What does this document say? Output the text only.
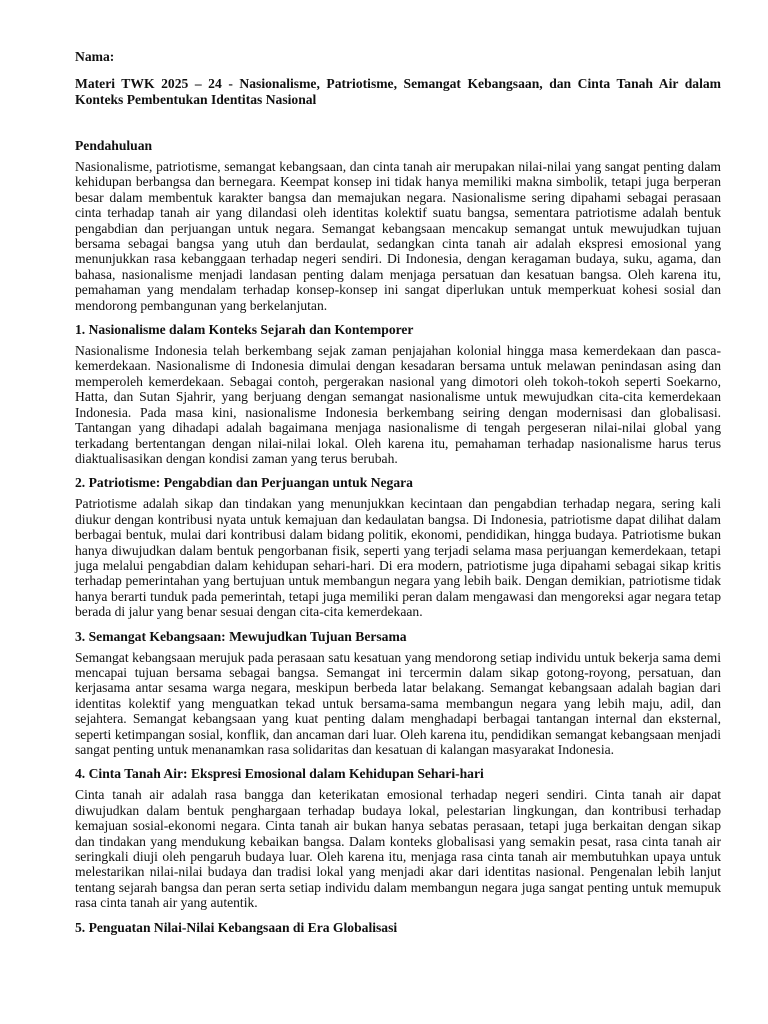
Nama:
Materi TWK 2025 – 24 - Nasionalisme, Patriotisme, Semangat Kebangsaan, dan Cinta Tanah Air dalam Konteks Pembentukan Identitas Nasional
Pendahuluan

Nasionalisme, patriotisme, semangat kebangsaan, dan cinta tanah air merupakan nilai-nilai yang sangat penting dalam kehidupan berbangsa dan bernegara. Keempat konsep ini tidak hanya memiliki makna simbolik, tetapi juga berperan besar dalam membentuk karakter bangsa dan memajukan negara. Nasionalisme sering dipahami sebagai perasaan cinta terhadap tanah air yang dilandasi oleh identitas kolektif suatu bangsa, sementara patriotisme adalah bentuk pengabdian dan perjuangan untuk negara. Semangat kebangsaan mencakup semangat untuk mewujudkan tujuan bersama sebagai bangsa yang utuh dan berdaulat, sedangkan cinta tanah air adalah ekspresi emosional yang menunjukkan rasa kebanggaan terhadap negeri sendiri. Di Indonesia, dengan keragaman budaya, suku, agama, dan bahasa, nasionalisme menjadi landasan penting dalam menjaga persatuan dan kesatuan bangsa. Oleh karena itu, pemahaman yang mendalam terhadap konsep-konsep ini sangat diperlukan untuk memperkuat kohesi sosial dan mendorong pembangunan yang berkelanjutan.

1. Nasionalisme dalam Konteks Sejarah dan Kontemporer

Nasionalisme Indonesia telah berkembang sejak zaman penjajahan kolonial hingga masa kemerdekaan dan pasca-kemerdekaan. Nasionalisme di Indonesia dimulai dengan kesadaran bersama untuk melawan penindasan asing dan memperoleh kemerdekaan. Sebagai contoh, pergerakan nasional yang dimotori oleh tokoh-tokoh seperti Soekarno, Hatta, dan Sutan Sjahrir, yang berjuang dengan semangat nasionalisme untuk mewujudkan cita-cita kemerdekaan Indonesia. Pada masa kini, nasionalisme Indonesia berkembang seiring dengan modernisasi dan globalisasi. Tantangan yang dihadapi adalah bagaimana menjaga nasionalisme di tengah pergeseran nilai-nilai global yang terkadang bertentangan dengan nilai-nilai lokal. Oleh karena itu, pemahaman terhadap nasionalisme harus terus diaktualisasikan dengan kondisi zaman yang terus berubah.

2. Patriotisme: Pengabdian dan Perjuangan untuk Negara

Patriotisme adalah sikap dan tindakan yang menunjukkan kecintaan dan pengabdian terhadap negara, sering kali diukur dengan kontribusi nyata untuk kemajuan dan kedaulatan bangsa. Di Indonesia, patriotisme dapat dilihat dalam berbagai bentuk, mulai dari kontribusi dalam bidang politik, ekonomi, pendidikan, hingga budaya. Patriotisme bukan hanya diwujudkan dalam bentuk pengorbanan fisik, seperti yang terjadi selama masa perjuangan kemerdekaan, tetapi juga melalui pengabdian dalam kehidupan sehari-hari. Di era modern, patriotisme juga dipahami sebagai sikap kritis terhadap pemerintahan yang bertujuan untuk membangun negara yang lebih baik. Dengan demikian, patriotisme tidak hanya berarti tunduk pada pemerintah, tetapi juga memiliki peran dalam mengawasi dan mengoreksi agar negara tetap berada di jalur yang benar sesuai dengan cita-cita kemerdekaan.

3. Semangat Kebangsaan: Mewujudkan Tujuan Bersama

Semangat kebangsaan merujuk pada perasaan satu kesatuan yang mendorong setiap individu untuk bekerja sama demi mencapai tujuan bersama sebagai bangsa. Semangat ini tercermin dalam sikap gotong-royong, persatuan, dan kerjasama antar sesama warga negara, meskipun berbeda latar belakang. Semangat kebangsaan adalah bagian dari identitas kolektif yang menguatkan tekad untuk bersama-sama membangun negara yang lebih maju, adil, dan sejahtera. Semangat kebangsaan yang kuat penting dalam menghadapi berbagai tantangan internal dan eksternal, seperti ketimpangan sosial, konflik, dan ancaman dari luar. Oleh karena itu, pendidikan semangat kebangsaan menjadi sangat penting untuk menanamkan rasa solidaritas dan kesatuan di kalangan masyarakat Indonesia.

4. Cinta Tanah Air: Ekspresi Emosional dalam Kehidupan Sehari-hari

Cinta tanah air adalah rasa bangga dan keterikatan emosional terhadap negeri sendiri. Cinta tanah air dapat diwujudkan dalam bentuk penghargaan terhadap budaya lokal, pelestarian lingkungan, dan kontribusi terhadap kemajuan sosial-ekonomi negara. Cinta tanah air bukan hanya sebatas perasaan, tetapi juga berkaitan dengan sikap dan tindakan yang mendukung kebaikan bangsa. Dalam konteks globalisasi yang semakin pesat, rasa cinta tanah air seringkali diuji oleh pengaruh budaya luar. Oleh karena itu, menjaga rasa cinta tanah air membutuhkan upaya untuk melestarikan nilai-nilai budaya dan tradisi lokal yang menjadi akar dari identitas nasional. Pengenalan lebih lanjut tentang sejarah bangsa dan peran serta setiap individu dalam membangun negara juga sangat penting untuk memupuk rasa cinta tanah air yang autentik.

5. Penguatan Nilai-Nilai Kebangsaan di Era Globalisasi
